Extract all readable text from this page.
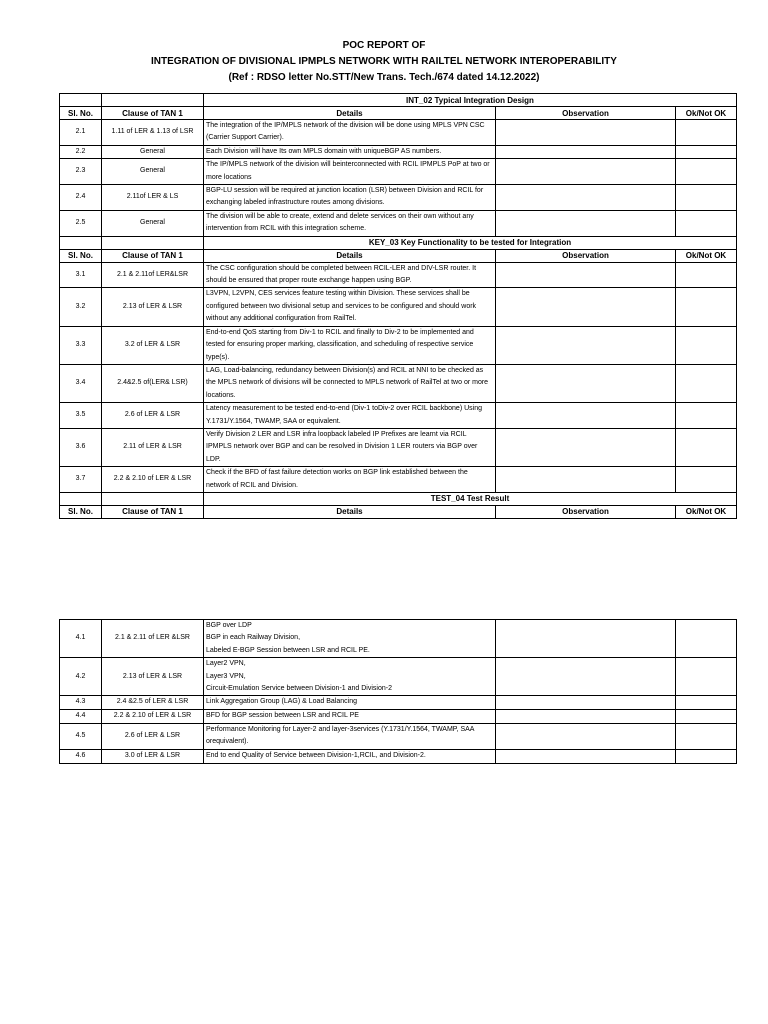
POC REPORT OF
INTEGRATION OF DIVISIONAL IPMPLS NETWORK WITH RAILTEL NETWORK INTEROPERABILITY
(Ref : RDSO letter No.STT/New Trans. Tech./674 dated 14.12.2022)
		INT_02 Typical Integration Design		
Sl. No.	Clause of TAN 1	Details	Observation	Ok/Not OK
2.1	1.11 of LER & 1.13 of LSR	The integration of the IP/MPLS network of the division will be done using MPLS VPN CSC (Carrier Support Carrier).		
2.2	General	Each Division will have Its own MPLS domain with uniqueBGP AS numbers.		
2.3	General	The IP/MPLS network of the division will beinterconnected with RCIL IPMPLS PoP at two or more locations		
2.4	2.11of LER & LS	BGP-LU session will be required at junction location (LSR) between Division and RCIL for exchanging labeled infrastructure routes among divisions.		
2.5	General	The division will be able to create, extend and delete services on their own without any intervention from RCIL with this integration scheme.		
		KEY_03 Key Functionality to be tested for Integration		
Sl. No.	Clause of TAN 1	Details	Observation	Ok/Not OK
3.1	2.1 & 2.11of LER&LSR	The CSC configuration should be completed between RCIL-LER and DIV-LSR router. It should be ensured that proper route exchange happen using BGP.		
3.2	2.13 of LER & LSR	L3VPN, L2VPN, CES services feature testing within Division. These services shall be configured between two divisional setup and services to be configured and should work without any additional configuration from RailTel.		
3.3	3.2 of LER & LSR	End-to-end QoS starting from Div-1 to RCIL and finally to Div-2 to be implemented and tested for ensuring proper marking, classification, and scheduling of respective service type(s).		
3.4	2.4&2.5 of(LER& LSR)	LAG, Load-balancing, redundancy between Division(s) and RCIL at NNI to be checked as the MPLS network of divisions will be connected to MPLS network of RailTel at two or more locations.		
3.5	2.6 of LER & LSR	Latency measurement to be tested end-to-end (Div-1 toDiv-2 over RCIL backbone) Using Y.1731/Y.1564, TWAMP, SAA or equivalent.		
3.6	2.11 of LER & LSR	Verify Division 2 LER and LSR infra loopback labeled IP Prefixes are learnt via RCIL IPMPLS network over BGP and can be resolved in Division 1 LER routers via BGP over LDP.		
3.7	2.2 & 2.10 of LER & LSR	Check if the BFD of fast failure detection works on BGP link established between the network of RCIL and Division.		
		TEST_04 Test Result		
Sl. No.	Clause of TAN 1	Details	Observation	Ok/Not OK
4.1	2.1 & 2.11 of LER &LSR	BGP over LDP
BGP in each Railway Division,
Labeled E-BGP Session between LSR and RCIL PE.		

4.2	2.13 of LER & LSR	Layer2 VPN,
Layer3 VPN,
Circuit-Emulation Service between Division-1 and Division-2		

4.3	2.4 &2.5 of LER & LSR	Link Aggregation Group (LAG) & Load Balancing		

4.4	2.2 & 2.10 of LER & LSR	BFD for BGP session between LSR and RCIL PE		

4.5	2.6 of LER & LSR	Performance Monitoring for Layer-2 and layer-3services (Y.1731/Y.1564, TWAMP, SAA orequivalent).		

4.6	3.0 of LER & LSR	End to end Quality of Service between Division-1,RCIL, and Division-2.		
